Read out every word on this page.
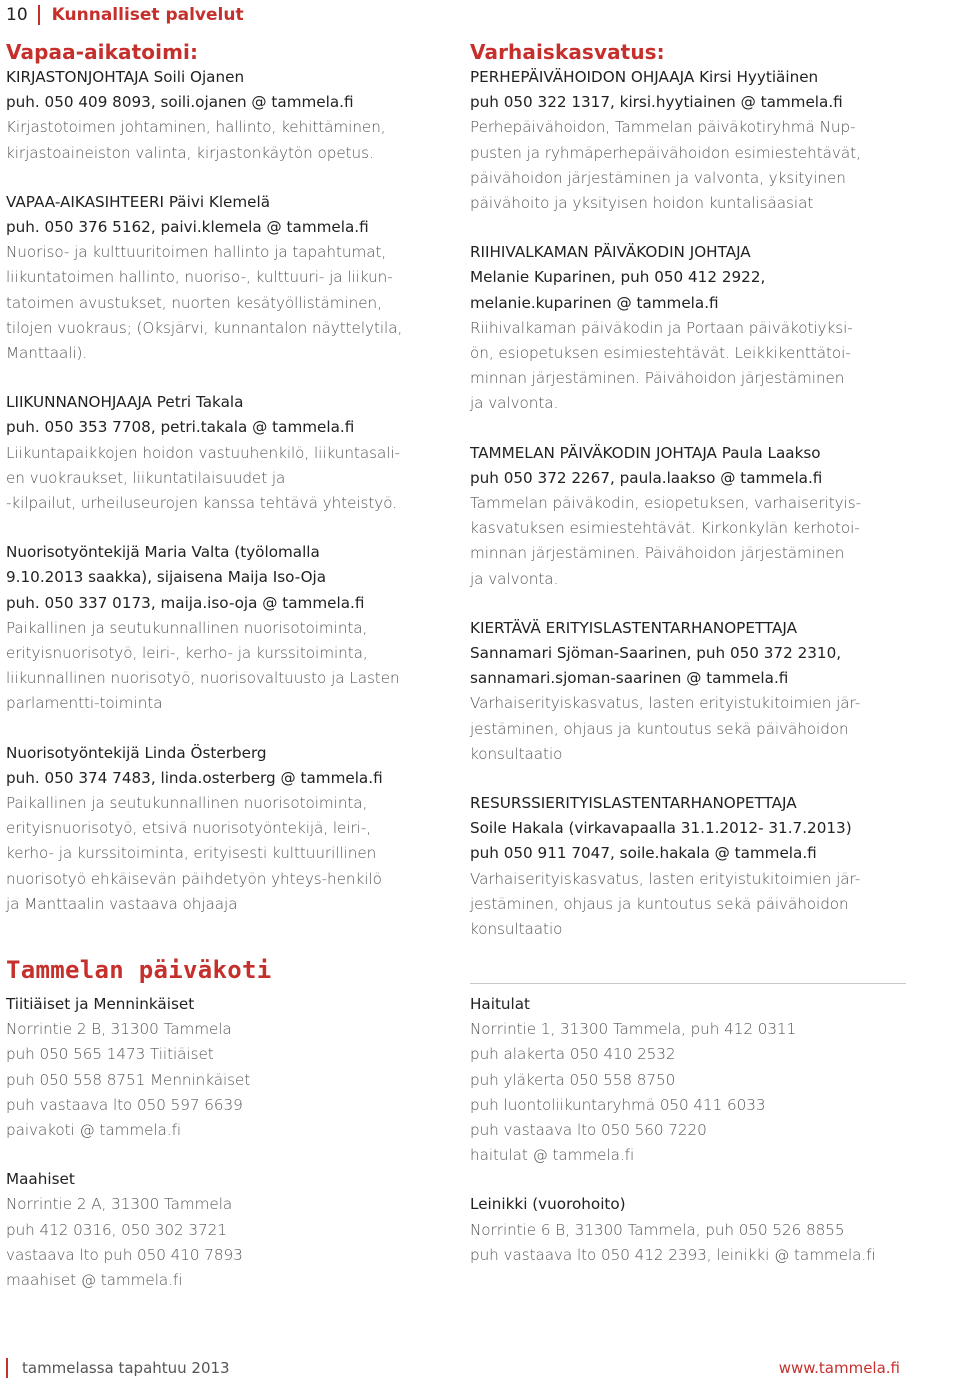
10 Kunnalliset palvelut
Vapaa-aikatoimi:
KIRJASTONJOHTAJA Soili Ojanen
puh. 050 409 8093, soili.ojanen @ tammela.fi
Kirjastotoimen johtaminen, hallinto, kehittäminen,
kirjastoaineiston valinta, kirjastonkäytön opetus.
VAPAA-AIKASIHTEERI Päivi Klemelä
puh. 050 376 5162, paivi.klemela @ tammela.fi
Nuoriso- ja kulttuuritoimen hallinto ja tapahtumat,
liikuntatoimen hallinto, nuoriso-, kulttuuri- ja liikun-
tatoimen avustukset, nuorten kesätyöllistäminen,
tilojen vuokraus; (Oksjärvi, kunnantalon näyttelytila,
Manttaali).
LIIKUNNANOHJAAJA Petri Takala
puh. 050 353 7708, petri.takala @ tammela.fi
Liikuntapaikkojen hoidon vastuuhenkilö, liikuntasali-
en vuokraukset, liikuntatilaisuudet ja
-kilpailut, urheiluseurojen kanssa tehtävä yhteistyö.
Nuorisotyöntekijä Maria Valta (työlomalla
9.10.2013 saakka), sijaisena Maija Iso-Oja
puh. 050 337 0173, maija.iso-oja @ tammela.fi
Paikallinen ja seutukunnallinen nuorisotoiminta,
erityisnuorisotyö, leiri-, kerho- ja kurssitoiminta,
liikunnallinen nuorisotyö, nuorisovaltuusto ja Lasten
parlamentti-toiminta
Nuorisotyöntekijä Linda Österberg
puh. 050 374 7483, linda.osterberg @ tammela.fi
Paikallinen ja seutukunnallinen nuorisotoiminta,
erityisnuorisotyö, etsivä nuorisotyöntekijä, leiri-,
kerho- ja kurssitoiminta, erityisesti kulttuurillinen
nuorisotyö ehkäisevän päihdetyön yhteys-henkilö
ja Manttaalin vastaava ohjaaja
Varhaiskasvatus:
PERHEPÄIVÄHOIDON OHJAAJA Kirsi Hyytiäinen
puh 050 322 1317, kirsi.hyytiainen @ tammela.fi
Perhepäivähoidon, Tammelan päiväkotiryhmä Nup-
pusten ja ryhmäperhepäivähoidon esimiestehtävät,
päivähoidon järjestäminen ja valvonta, yksityinen
päivähoito ja yksityisen hoidon kuntalisäasiat
RIIHIVALKAMAN PÄIVÄKODIN JOHTAJA
Melanie Kuparinen, puh 050 412 2922,
melanie.kuparinen @ tammela.fi
Riihivalkaman päiväkodin ja Portaan päiväkotiyksi-
ön, esiopetuksen esimiestehtävät. Leikkikenttätoi-
minnan järjestäminen. Päivähoidon järjestäminen
ja valvonta.
TAMMELAN PÄIVÄKODIN JOHTAJA Paula Laakso
puh 050 372 2267, paula.laakso @ tammela.fi
Tammelan päiväkodin, esiopetuksen, varhaiserityis-
kasvatuksen esimiestehtävät. Kirkonkylän kerhotoi-
minnan järjestäminen. Päivähoidon järjestäminen
ja valvonta.
KIERTÄVÄ ERITYISLASTENTARHANOPETTAJA
Sannamari Sjöman-Saarinen, puh 050 372 2310,
sannamari.sjoman-saarinen @ tammela.fi
Varhaiserityiskasvatus, lasten erityistukitoimien jär-
jestäminen, ohjaus ja kuntoutus sekä päivähoidon
konsultaatio
RESURSSIERITYISLASTENTARHANOPETTAJA
Soile Hakala (virkavapaalla 31.1.2012- 31.7.2013)
puh 050 911 7047, soile.hakala @ tammela.fi
Varhaiserityiskasvatus, lasten erityistukitoimien jär-
jestäminen, ohjaus ja kuntoutus sekä päivähoidon
konsultaatio
Tammelan päiväkoti
Tiitiäiset ja Menninkäiset
Norrintie 2 B, 31300 Tammela
puh 050 565 1473 Tiitiäiset
puh 050 558 8751 Menninkäiset
puh vastaava lto 050 597 6639
paivakoti @ tammela.fi
Maahiset
Norrintie 2 A, 31300 Tammela
puh 412 0316, 050 302 3721
vastaava lto puh 050 410 7893
maahiset @ tammela.fi
Haitulat
Norrintie 1, 31300 Tammela, puh 412 0311
puh alakerta 050 410 2532
puh yläkerta 050 558 8750
puh luontoliikuntaryhmä 050 411 6033
puh vastaava lto 050 560 7220
haitulat @ tammela.fi
Leinikki (vuorohoito)
Norrintie 6 B, 31300 Tammela, puh 050 526 8855
puh vastaava lto 050 412 2393, leinikki @ tammela.fi
tammelassa tapahtuu 2013	www.tammela.fi
